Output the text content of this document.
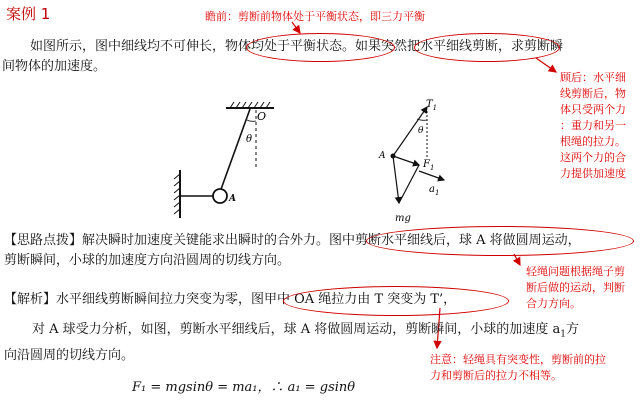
案例 1	瞻前：剪断前物体处于平衡状态，即三力平衡
如图所示，图中细线均不可伸长，物体均处于平衡状态。如果突然把水平细线剪断，求剪断瞬
间物体的加速度。
顾后：水平细
线剪断后，物
体只受两个力
：重力和另一
根绳的拉力。
这两个力的合
力提供加速度
O
θ
A
$T_1$
θ
A
$F_1$
$a_1$
mg
【思路点拨】解决瞬时加速度关键能求出瞬时的合外力。图中剪断水平细线后，球 A 将做圆周运动，
剪断瞬间，小球的加速度方向沿圆周的切线方向。
轻绳问题根据绳子剪
断后做的运动，判断
合力方向。
【解析】水平细线剪断瞬间拉力突变为零，图甲中 OA 绳拉力由 T 突变为 T’，
对 A 球受力分析，如图，剪断水平细线后，球 A 将做圆周运动，剪断瞬间，小球的加速度 $a_1$方
向沿圆周的切线方向。	注意：轻绳具有突变性，剪断前的拉
力和剪断后的拉力不相等。
F₁ = mgsinθ = ma₁，∴ a₁ = gsinθ
